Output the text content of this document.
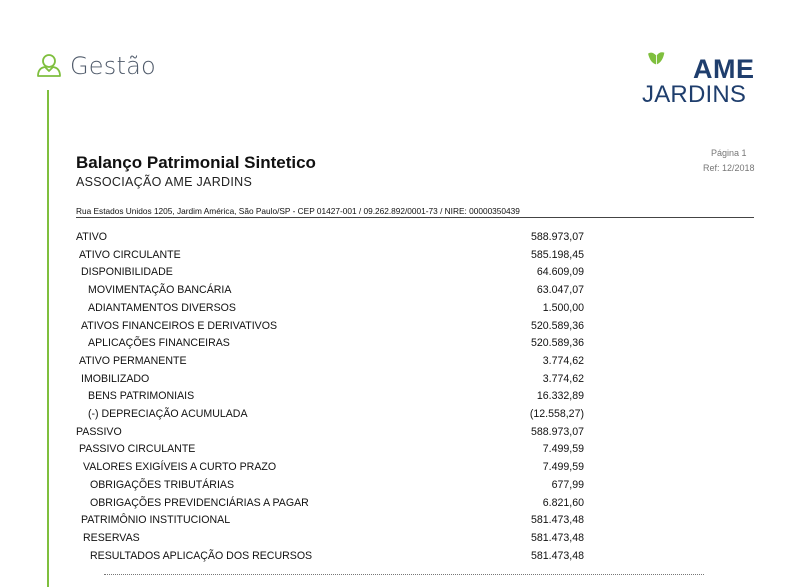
Gestão	AME
JARDINS
Balanço Patrimonial Sintetico
ASSOCIAÇÃO AME JARDINS
Página 1
Ref: 12/2018
Rua Estados Unidos 1205, Jardim América, São Paulo/SP - CEP 01427-001 / 09.262.892/0001-73 / NIRE: 00000350439
ATIVO	588.973,07
ATIVO CIRCULANTE	585.198,45
DISPONIBILIDADE	64.609,09
MOVIMENTAÇÃO BANCÁRIA	63.047,07
ADIANTAMENTOS DIVERSOS	1.500,00
ATIVOS FINANCEIROS E DERIVATIVOS	520.589,36
APLICAÇÕES FINANCEIRAS	520.589,36
ATIVO PERMANENTE	3.774,62
IMOBILIZADO	3.774,62
BENS PATRIMONIAIS	16.332,89
(-) DEPRECIAÇÃO ACUMULADA	(12.558,27)
PASSIVO	588.973,07
PASSIVO CIRCULANTE	7.499,59
VALORES EXIGÍVEIS A CURTO PRAZO	7.499,59
OBRIGAÇÕES TRIBUTÁRIAS	677,99
OBRIGAÇÕES PREVIDENCIÁRIAS A PAGAR	6.821,60
PATRIMÔNIO INSTITUCIONAL	581.473,48
RESERVAS	581.473,48
RESULTADOS APLICAÇÃO DOS RECURSOS	581.473,48
